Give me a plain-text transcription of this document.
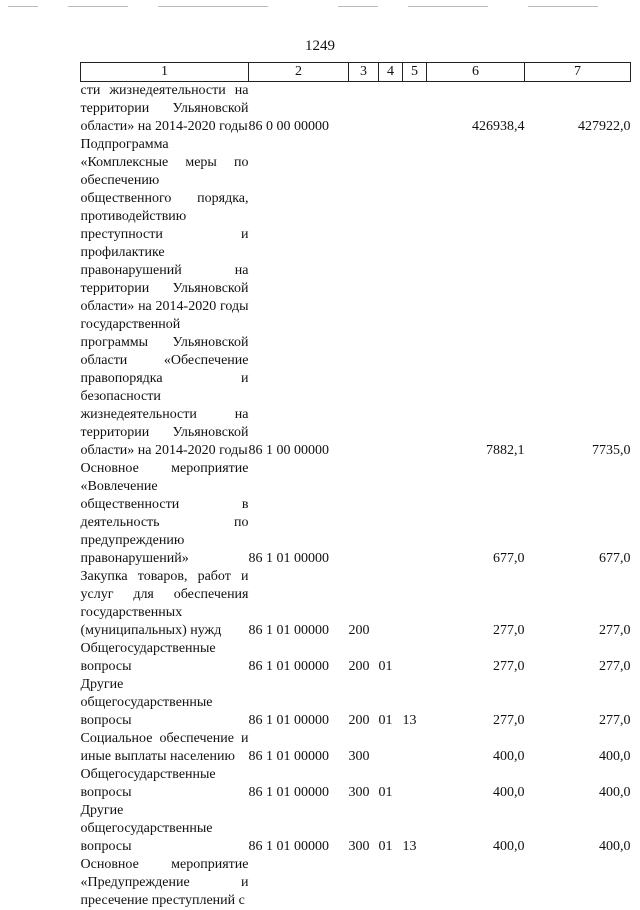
1249
1	2	3	4	5	6	7
сти жизнедеятельности на территории Ульяновской области» на 2014-2020 годы	86 0 00 00000				426938,4	427922,0
Подпрограмма «Комплексные меры по обеспечению общественного порядка, противодействию преступности и профилактике правонарушений на территории Ульяновской области» на 2014-2020 годы государственной программы Ульяновской области «Обеспечение правопорядка и безопасности жизнедеятельности на территории Ульяновской области» на 2014-2020 годы	86 1 00 00000				7882,1	7735,0
Основное мероприятие «Вовлечение общественности в деятельность по предупреждению правонарушений»	86 1 01 00000				677,0	677,0
Закупка товаров, работ и услуг для обеспечения государственных (муниципальных) нужд	86 1 01 00000	200			277,0	277,0
Общегосударственные вопросы	86 1 01 00000	200	01		277,0	277,0
Другие общегосударственные вопросы	86 1 01 00000	200	01	13	277,0	277,0
Социальное обеспечение и иные выплаты населению	86 1 01 00000	300			400,0	400,0
Общегосударственные вопросы	86 1 01 00000	300	01		400,0	400,0
Другие общегосударственные вопросы	86 1 01 00000	300	01	13	400,0	400,0
Основное мероприятие «Предупреждение и пресечение преступлений с						
